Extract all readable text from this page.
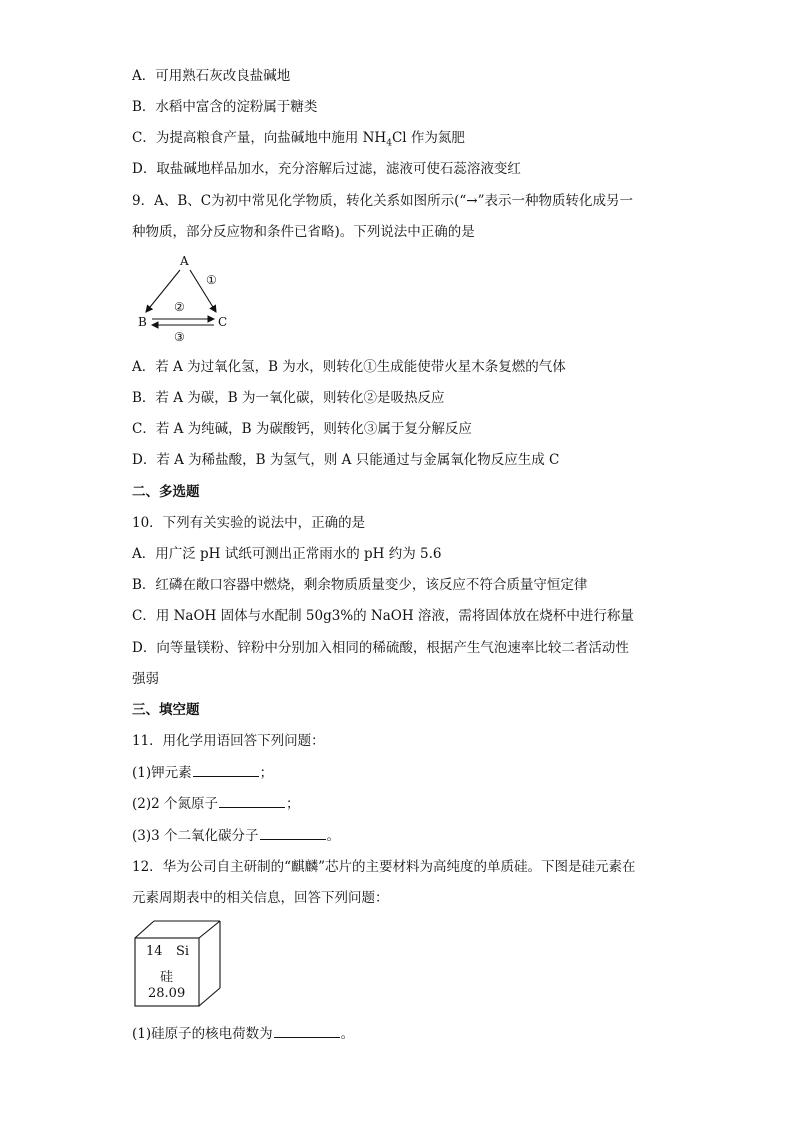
A．可用熟石灰改良盐碱地
B．水稻中富含的淀粉属于糖类
C．为提高粮食产量，向盐碱地中施用 $NH_4Cl$ 作为氮肥
D．取盐碱地样品加水，充分溶解后过滤，滤液可使石蕊溶液变红
9．A、B、C为初中常见化学物质，转化关系如图所示(“→”表示一种物质转化成另一
种物质，部分反应物和条件已省略)。下列说法中正确的是
A
B	C
①
②
③
A．若 A 为过氧化氢，B 为水，则转化①生成能使带火星木条复燃的气体
B．若 A 为碳，B 为一氧化碳，则转化②是吸热反应
C．若 A 为纯碱，B 为碳酸钙，则转化③属于复分解反应
D．若 A 为稀盐酸，B 为氢气，则 A 只能通过与金属氧化物反应生成 C
二、多选题
10．下列有关实验的说法中，正确的是
A．用广泛 pH 试纸可测出正常雨水的 pH 约为 5.6
B．红磷在敞口容器中燃烧，剩余物质质量变少，该反应不符合质量守恒定律
C．用 NaOH 固体与水配制 50g3%的 NaOH 溶液，需将固体放在烧杯中进行称量
D．向等量镁粉、锌粉中分别加入相同的稀硫酸，根据产生气泡速率比较二者活动性
强弱
三、填空题
11．用化学用语回答下列问题：
(1)钾元素	；
(2)2 个氮原子	；
(3)3 个二氧化碳分子	。
12．华为公司自主研制的“麒麟”芯片的主要材料为高纯度的单质硅。下图是硅元素在
元素周期表中的相关信息，回答下列问题：
14 Si
硅
28.09
(1)硅原子的核电荷数为	。
